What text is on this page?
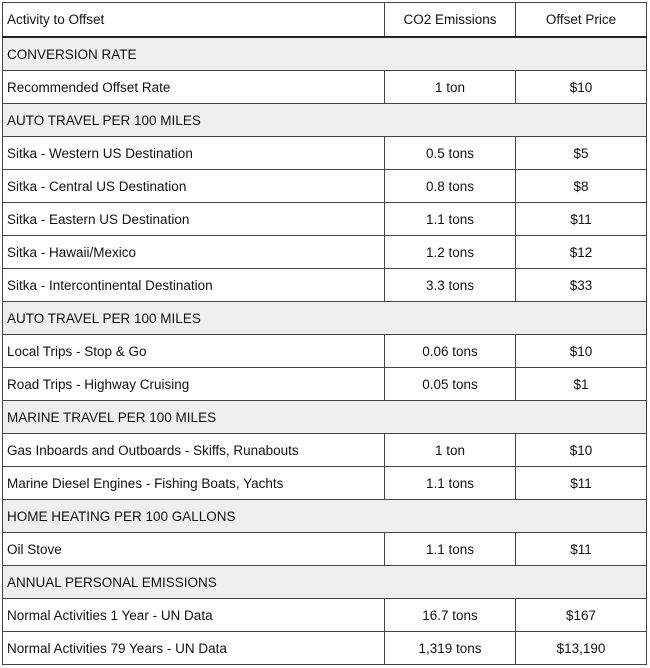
Activity to Offset	CO2 Emissions	Offset Price
CONVERSION RATE		
Recommended Offset Rate	1 ton	$10
AUTO TRAVEL PER 100 MILES		
Sitka - Western US Destination	0.5 tons	$5
Sitka - Central US Destination	0.8 tons	$8
Sitka - Eastern US Destination	1.1 tons	$11
Sitka - Hawaii/Mexico	1.2 tons	$12
Sitka - Intercontinental Destination	3.3 tons	$33
AUTO TRAVEL PER 100 MILES		
Local Trips - Stop & Go	0.06 tons	$10
Road Trips - Highway Cruising	0.05 tons	$1
MARINE TRAVEL PER 100 MILES		
Gas Inboards and Outboards - Skiffs, Runabouts	1 ton	$10
Marine Diesel Engines - Fishing Boats, Yachts	1.1 tons	$11
HOME HEATING PER 100 GALLONS		
Oil Stove	1.1 tons	$11
ANNUAL PERSONAL EMISSIONS		
Normal Activities 1 Year - UN Data	16.7 tons	$167
Normal Activities 79 Years - UN Data	1,319 tons	$13,190
